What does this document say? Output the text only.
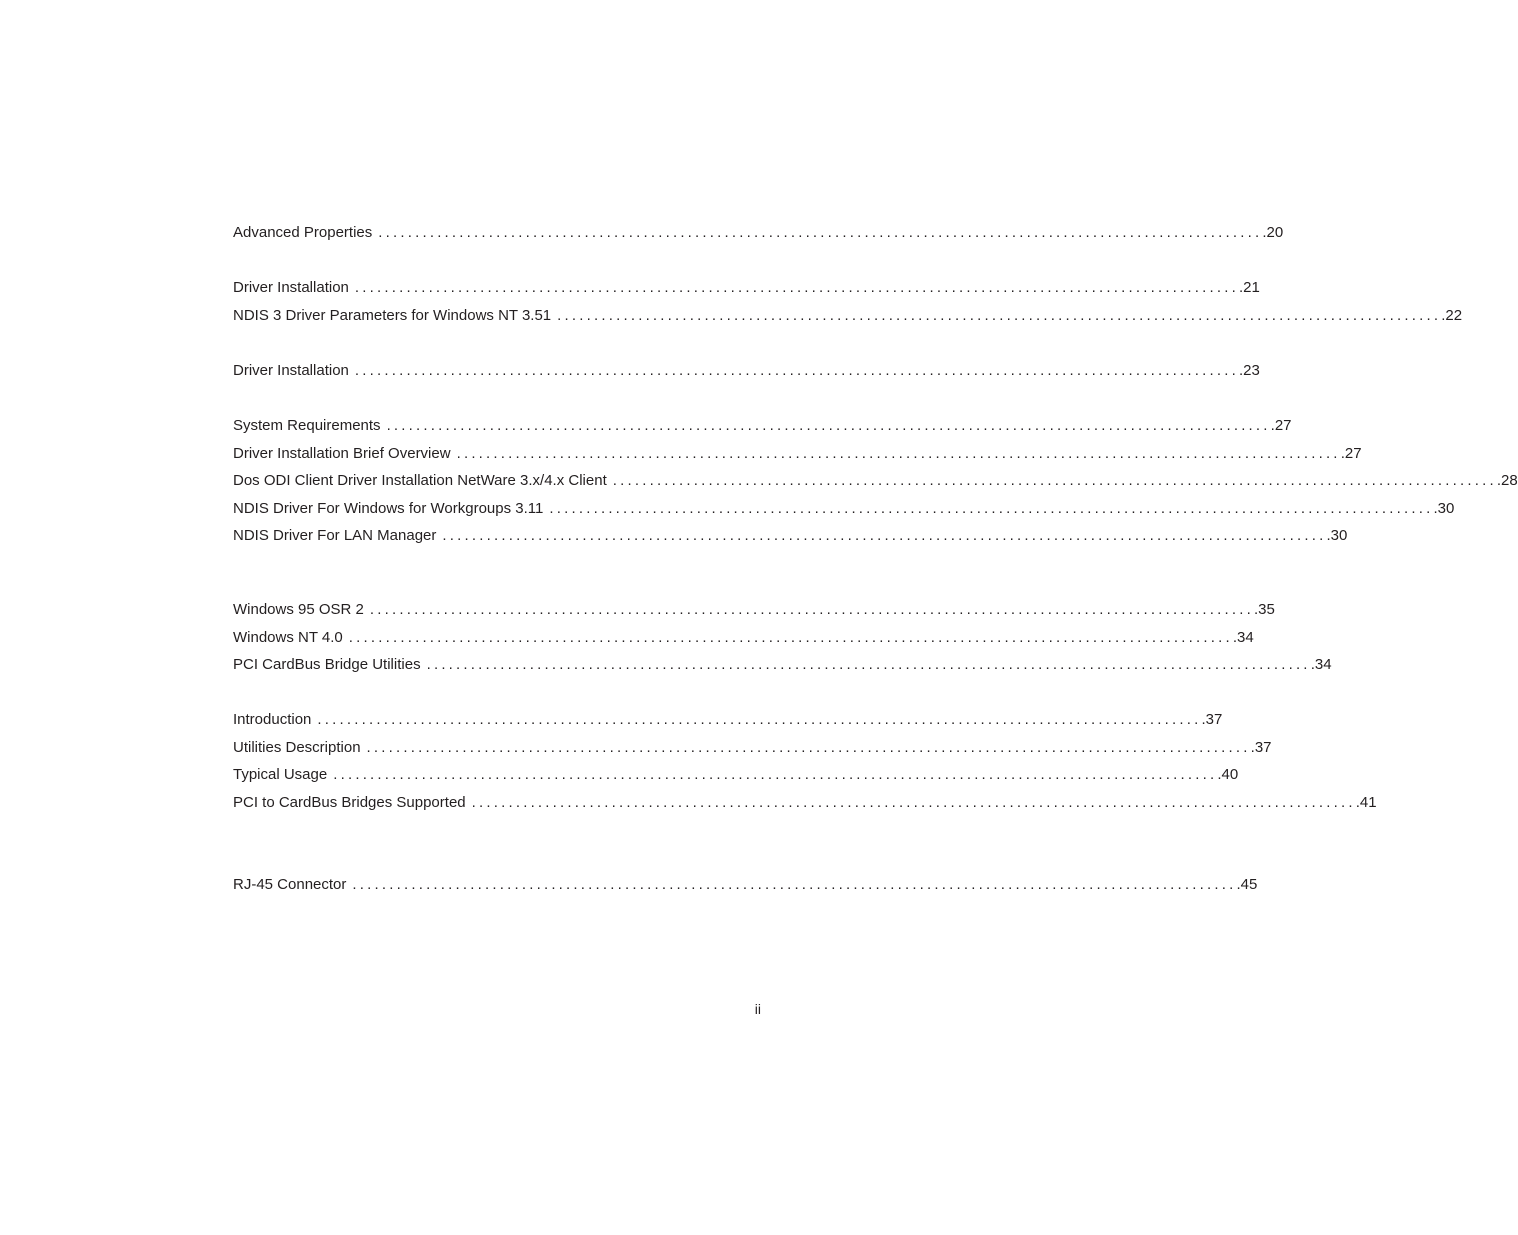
Advanced Properties ........................................................................................................................ .20
Driver Installation ........................................................................................................................ .21
NDIS 3 Driver Parameters for Windows NT 3.51 ........................................................................................................................ .22
Driver Installation ........................................................................................................................ .23
System Requirements ........................................................................................................................ .27
Driver Installation Brief Overview ........................................................................................................................ .27
Dos ODI Client Driver Installation NetWare 3.x/4.x Client ........................................................................................................................ .28
NDIS Driver For Windows for Workgroups 3.11 ........................................................................................................................ .30
NDIS Driver For LAN Manager ........................................................................................................................ .30
Windows 95 OSR 2 ........................................................................................................................ .35
Windows NT 4.0 ........................................................................................................................ .34
PCI CardBus Bridge Utilities ........................................................................................................................ .34
Introduction ........................................................................................................................ .37
Utilities Description ........................................................................................................................ .37
Typical Usage ........................................................................................................................ .40
PCI to CardBus Bridges Supported ........................................................................................................................ .41
RJ-45 Connector ........................................................................................................................ .45
ii
